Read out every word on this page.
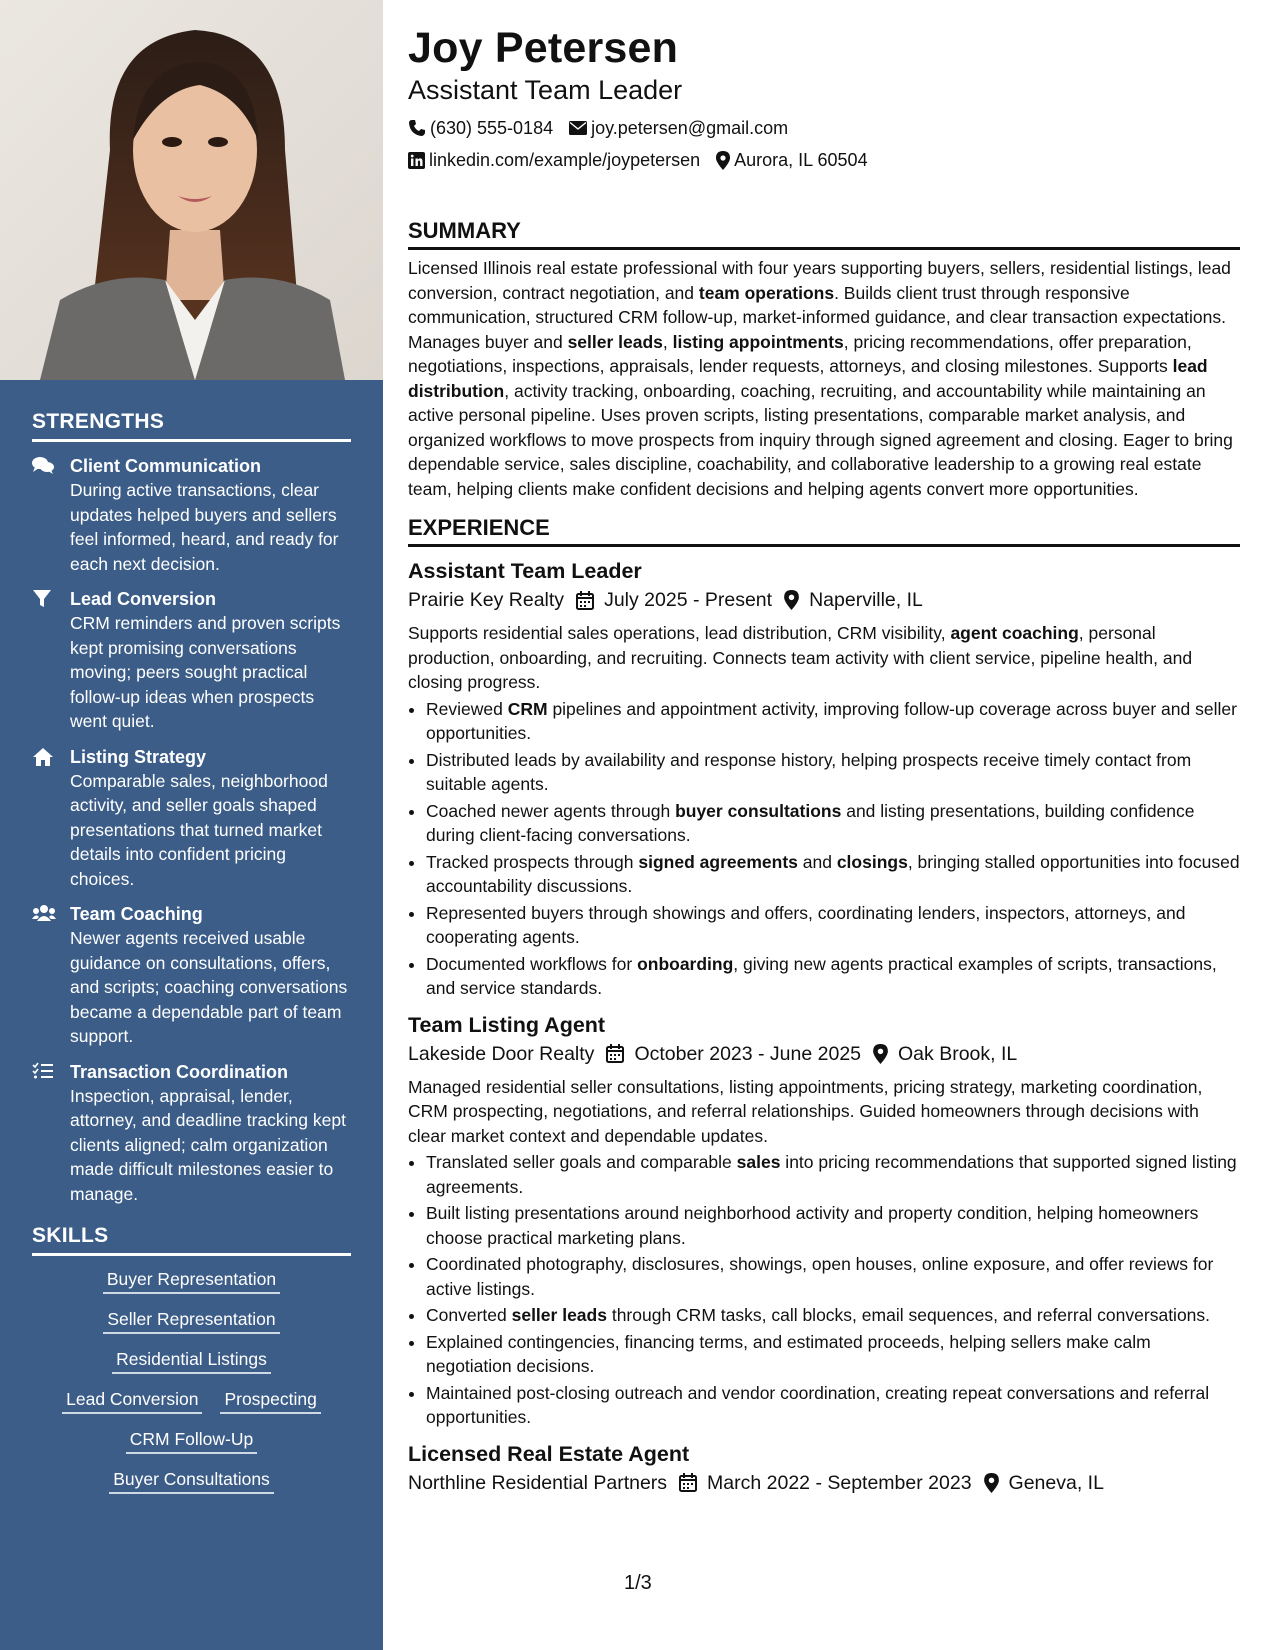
STRENGTHS
Client Communication
During active transactions, clear updates helped buyers and sellers feel informed, heard, and ready for each next decision.
Lead Conversion
CRM reminders and proven scripts kept promising conversations moving; peers sought practical follow-up ideas when prospects went quiet.
Listing Strategy
Comparable sales, neighborhood activity, and seller goals shaped presentations that turned market details into confident pricing choices.
Team Coaching
Newer agents received usable guidance on consultations, offers, and scripts; coaching conversations became a dependable part of team support.
Transaction Coordination
Inspection, appraisal, lender, attorney, and deadline tracking kept clients aligned; calm organization made difficult milestones easier to manage.
SKILLS
Buyer Representation
Seller Representation
Residential Listings
Lead Conversion Prospecting
CRM Follow-Up
Buyer Consultations
Joy Petersen
Assistant Team Leader
(630) 555-0184 joy.petersen@gmail.com
linkedin.com/example/joypetersen Aurora, IL 60504
SUMMARY

Licensed Illinois real estate professional with four years supporting buyers, sellers, residential listings, lead conversion, contract negotiation, and team operations. Builds client trust through responsive communication, structured CRM follow-up, market-informed guidance, and clear transaction expectations. Manages buyer and seller leads, listing appointments, pricing recommendations, offer preparation, negotiations, inspections, appraisals, lender requests, attorneys, and closing milestones. Supports lead distribution, activity tracking, onboarding, coaching, recruiting, and accountability while maintaining an active personal pipeline. Uses proven scripts, listing presentations, comparable market analysis, and organized workflows to move prospects from inquiry through signed agreement and closing. Eager to bring dependable service, sales discipline, coachability, and collaborative leadership to a growing real estate team, helping clients make confident decisions and helping agents convert more opportunities.

EXPERIENCE
Assistant Team Leader
Prairie Key Realty July 2025 - Present Naperville, IL

Supports residential sales operations, lead distribution, CRM visibility, agent coaching, personal production, onboarding, and recruiting. Connects team activity with client service, pipeline health, and closing progress.

• Reviewed CRM pipelines and appointment activity, improving follow-up coverage across buyer and seller opportunities.
• Distributed leads by availability and response history, helping prospects receive timely contact from suitable agents.
• Coached newer agents through buyer consultations and listing presentations, building confidence during client-facing conversations.
• Tracked prospects through signed agreements and closings, bringing stalled opportunities into focused accountability discussions.
• Represented buyers through showings and offers, coordinating lenders, inspectors, attorneys, and cooperating agents.
• Documented workflows for onboarding, giving new agents practical examples of scripts, transactions, and service standards.
Team Listing Agent
Lakeside Door Realty October 2023 - June 2025 Oak Brook, IL

Managed residential seller consultations, listing appointments, pricing strategy, marketing coordination, CRM prospecting, negotiations, and referral relationships. Guided homeowners through decisions with clear market context and dependable updates.

• Translated seller goals and comparable sales into pricing recommendations that supported signed listing agreements.
• Built listing presentations around neighborhood activity and property condition, helping homeowners choose practical marketing plans.
• Coordinated photography, disclosures, showings, open houses, online exposure, and offer reviews for active listings.
• Converted seller leads through CRM tasks, call blocks, email sequences, and referral conversations.
• Explained contingencies, financing terms, and estimated proceeds, helping sellers make calm negotiation decisions.
• Maintained post-closing outreach and vendor coordination, creating repeat conversations and referral opportunities.
Licensed Real Estate Agent
Northline Residential Partners March 2022 - September 2023 Geneva, IL
1/3
